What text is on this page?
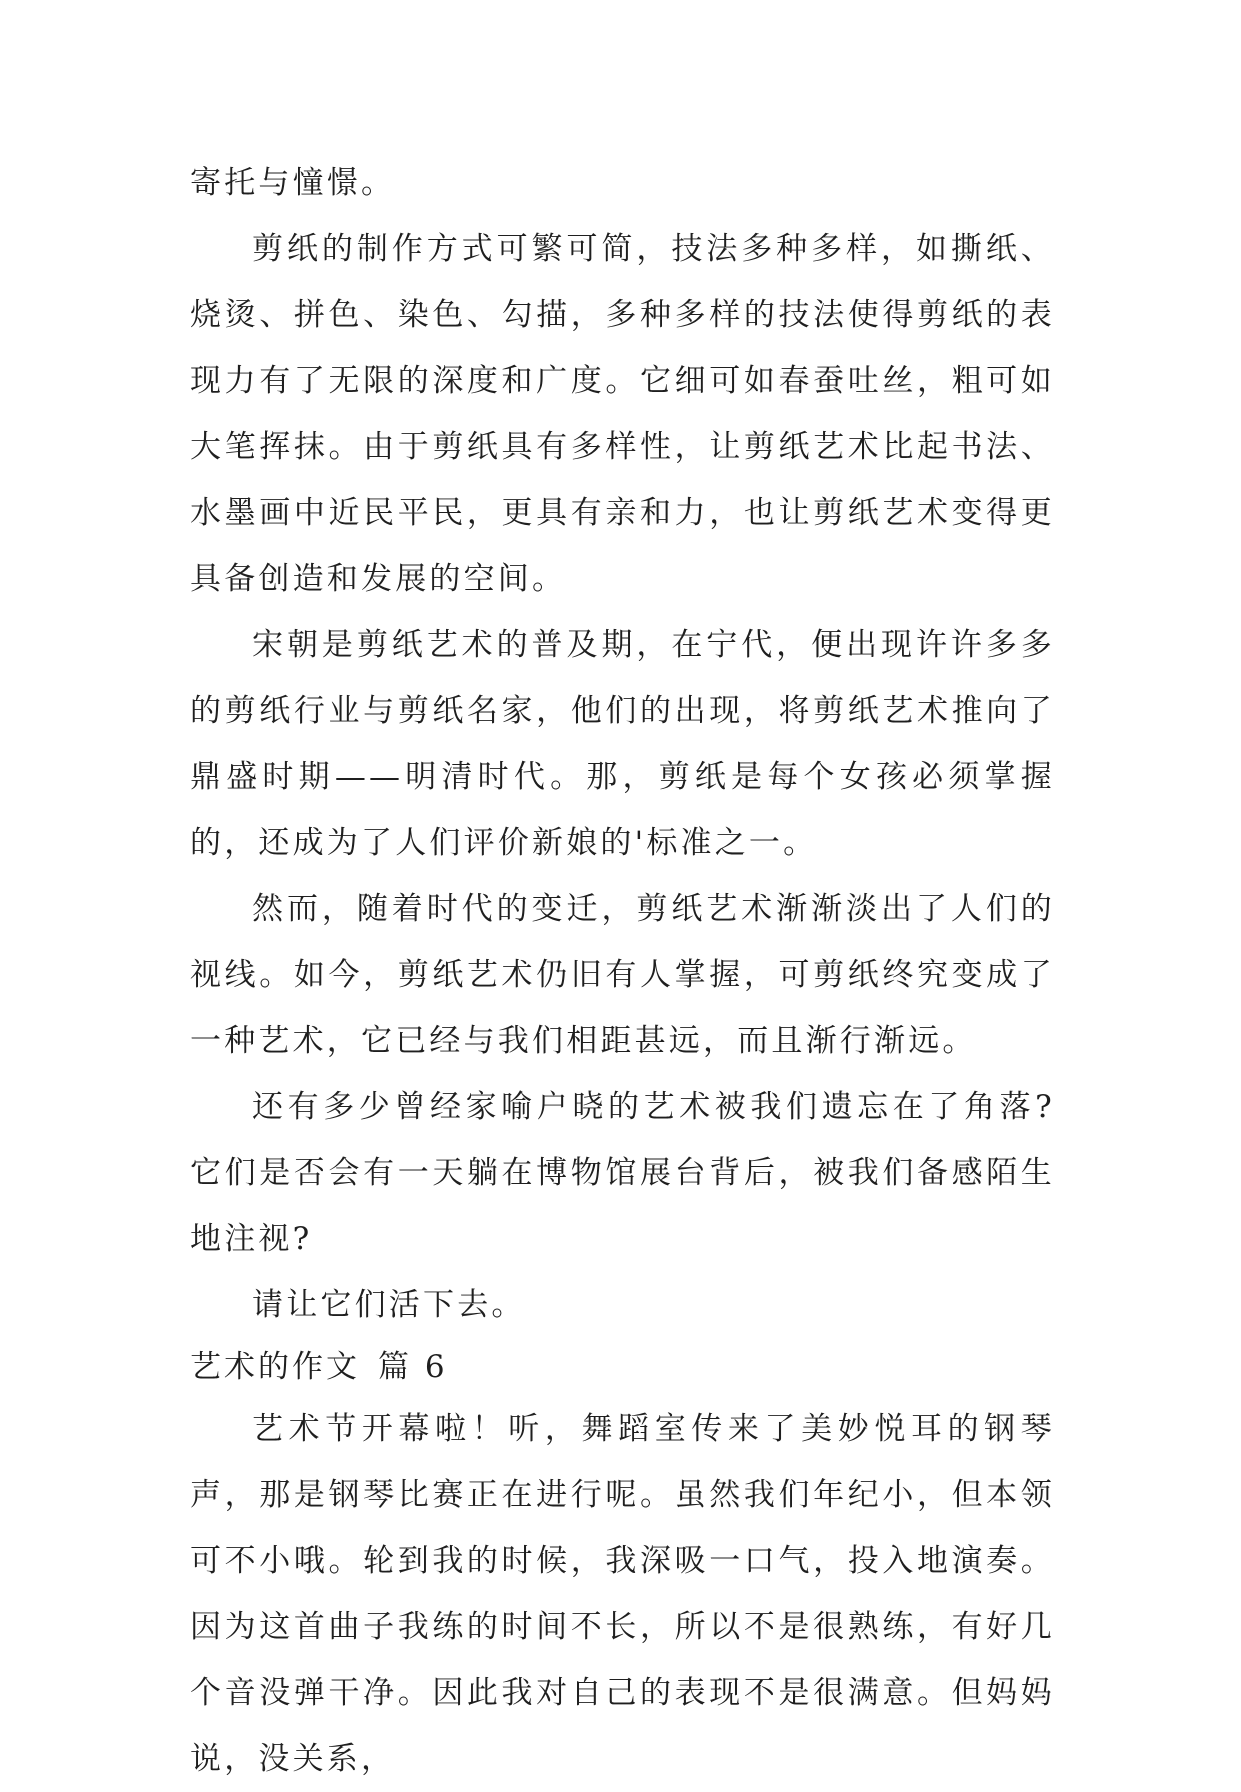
寄托与憧憬。

剪纸的制作方式可繁可简，技法多种多样，如撕纸、烧烫、拼色、染色、勾描，多种多样的技法使得剪纸的表现力有了无限的深度和广度。它细可如春蚕吐丝，粗可如大笔挥抹。由于剪纸具有多样性，让剪纸艺术比起书法、水墨画中近民平民，更具有亲和力，也让剪纸艺术变得更具备创造和发展的空间。

宋朝是剪纸艺术的普及期，在宁代，便出现许许多多的剪纸行业与剪纸名家，他们的出现，将剪纸艺术推向了鼎盛时期——明清时代。那，剪纸是每个女孩必须掌握的，还成为了人们评价新娘的'标准之一。

然而，随着时代的变迁，剪纸艺术渐渐淡出了人们的视线。如今，剪纸艺术仍旧有人掌握，可剪纸终究变成了一种艺术，它已经与我们相距甚远，而且渐行渐远。

还有多少曾经家喻户晓的艺术被我们遗忘在了角落?它们是否会有一天躺在博物馆展台背后，被我们备感陌生地注视?

请让它们活下去。

艺术的作文 篇 6

艺术节开幕啦！听，舞蹈室传来了美妙悦耳的钢琴声，那是钢琴比赛正在进行呢。虽然我们年纪小，但本领可不小哦。轮到我的时候，我深吸一口气，投入地演奏。因为这首曲子我练的时间不长，所以不是很熟练，有好几个音没弹干净。因此我对自己的表现不是很满意。但妈妈说，没关系，
